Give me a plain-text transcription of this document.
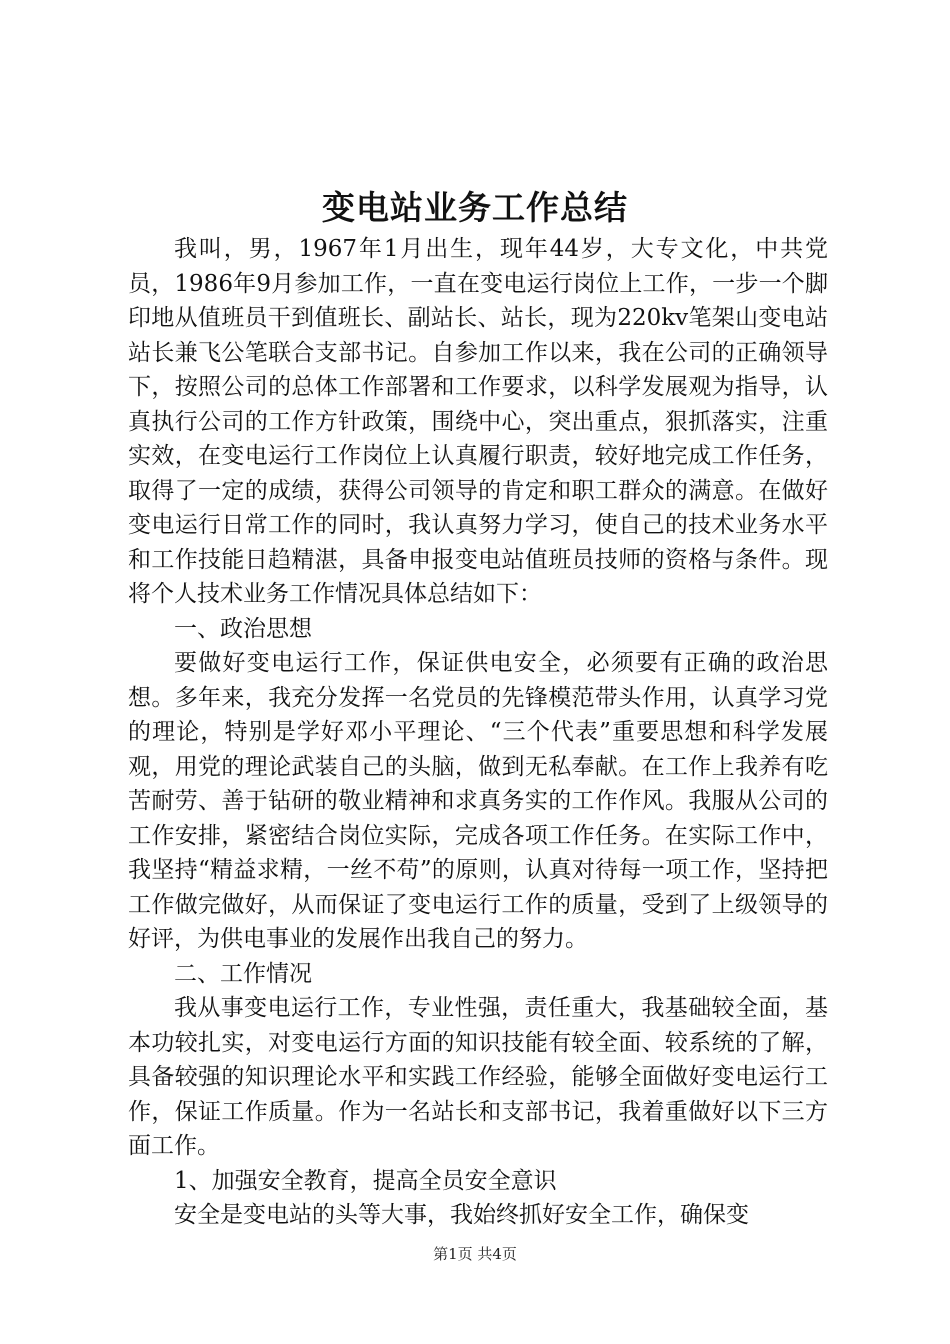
变电站业务工作总结

我叫，男，1967年1月出生，现年44岁，大专文化，中共党员，1986年9月参加工作，一直在变电运行岗位上工作，一步一个脚印地从值班员干到值班长、副站长、站长，现为220kv笔架山变电站站长兼飞公笔联合支部书记。自参加工作以来，我在公司的正确领导下，按照公司的总体工作部署和工作要求，以科学发展观为指导，认真执行公司的工作方针政策，围绕中心，突出重点，狠抓落实，注重实效，在变电运行工作岗位上认真履行职责，较好地完成工作任务，取得了一定的成绩，获得公司领导的肯定和职工群众的满意。在做好变电运行日常工作的同时，我认真努力学习，使自己的技术业务水平和工作技能日趋精湛，具备申报变电站值班员技师的资格与条件。现将个人技术业务工作情况具体总结如下：

一、政治思想

要做好变电运行工作，保证供电安全，必须要有正确的政治思想。多年来，我充分发挥一名党员的先锋模范带头作用，认真学习党的理论，特别是学好邓小平理论、“三个代表”重要思想和科学发展观，用党的理论武装自己的头脑，做到无私奉献。在工作上我养有吃苦耐劳、善于钻研的敬业精神和求真务实的工作作风。我服从公司的工作安排，紧密结合岗位实际，完成各项工作任务。在实际工作中，我坚持“精益求精，一丝不苟”的原则，认真对待每一项工作，坚持把工作做完做好，从而保证了变电运行工作的质量，受到了上级领导的好评，为供电事业的发展作出我自己的努力。

二、工作情况

我从事变电运行工作，专业性强，责任重大，我基础较全面，基本功较扎实，对变电运行方面的知识技能有较全面、较系统的了解，具备较强的知识理论水平和实践工作经验，能够全面做好变电运行工作，保证工作质量。作为一名站长和支部书记，我着重做好以下三方面工作。

1、加强安全教育，提高全员安全意识

安全是变电站的头等大事，我始终抓好安全工作，确保变

第1页 共4页
